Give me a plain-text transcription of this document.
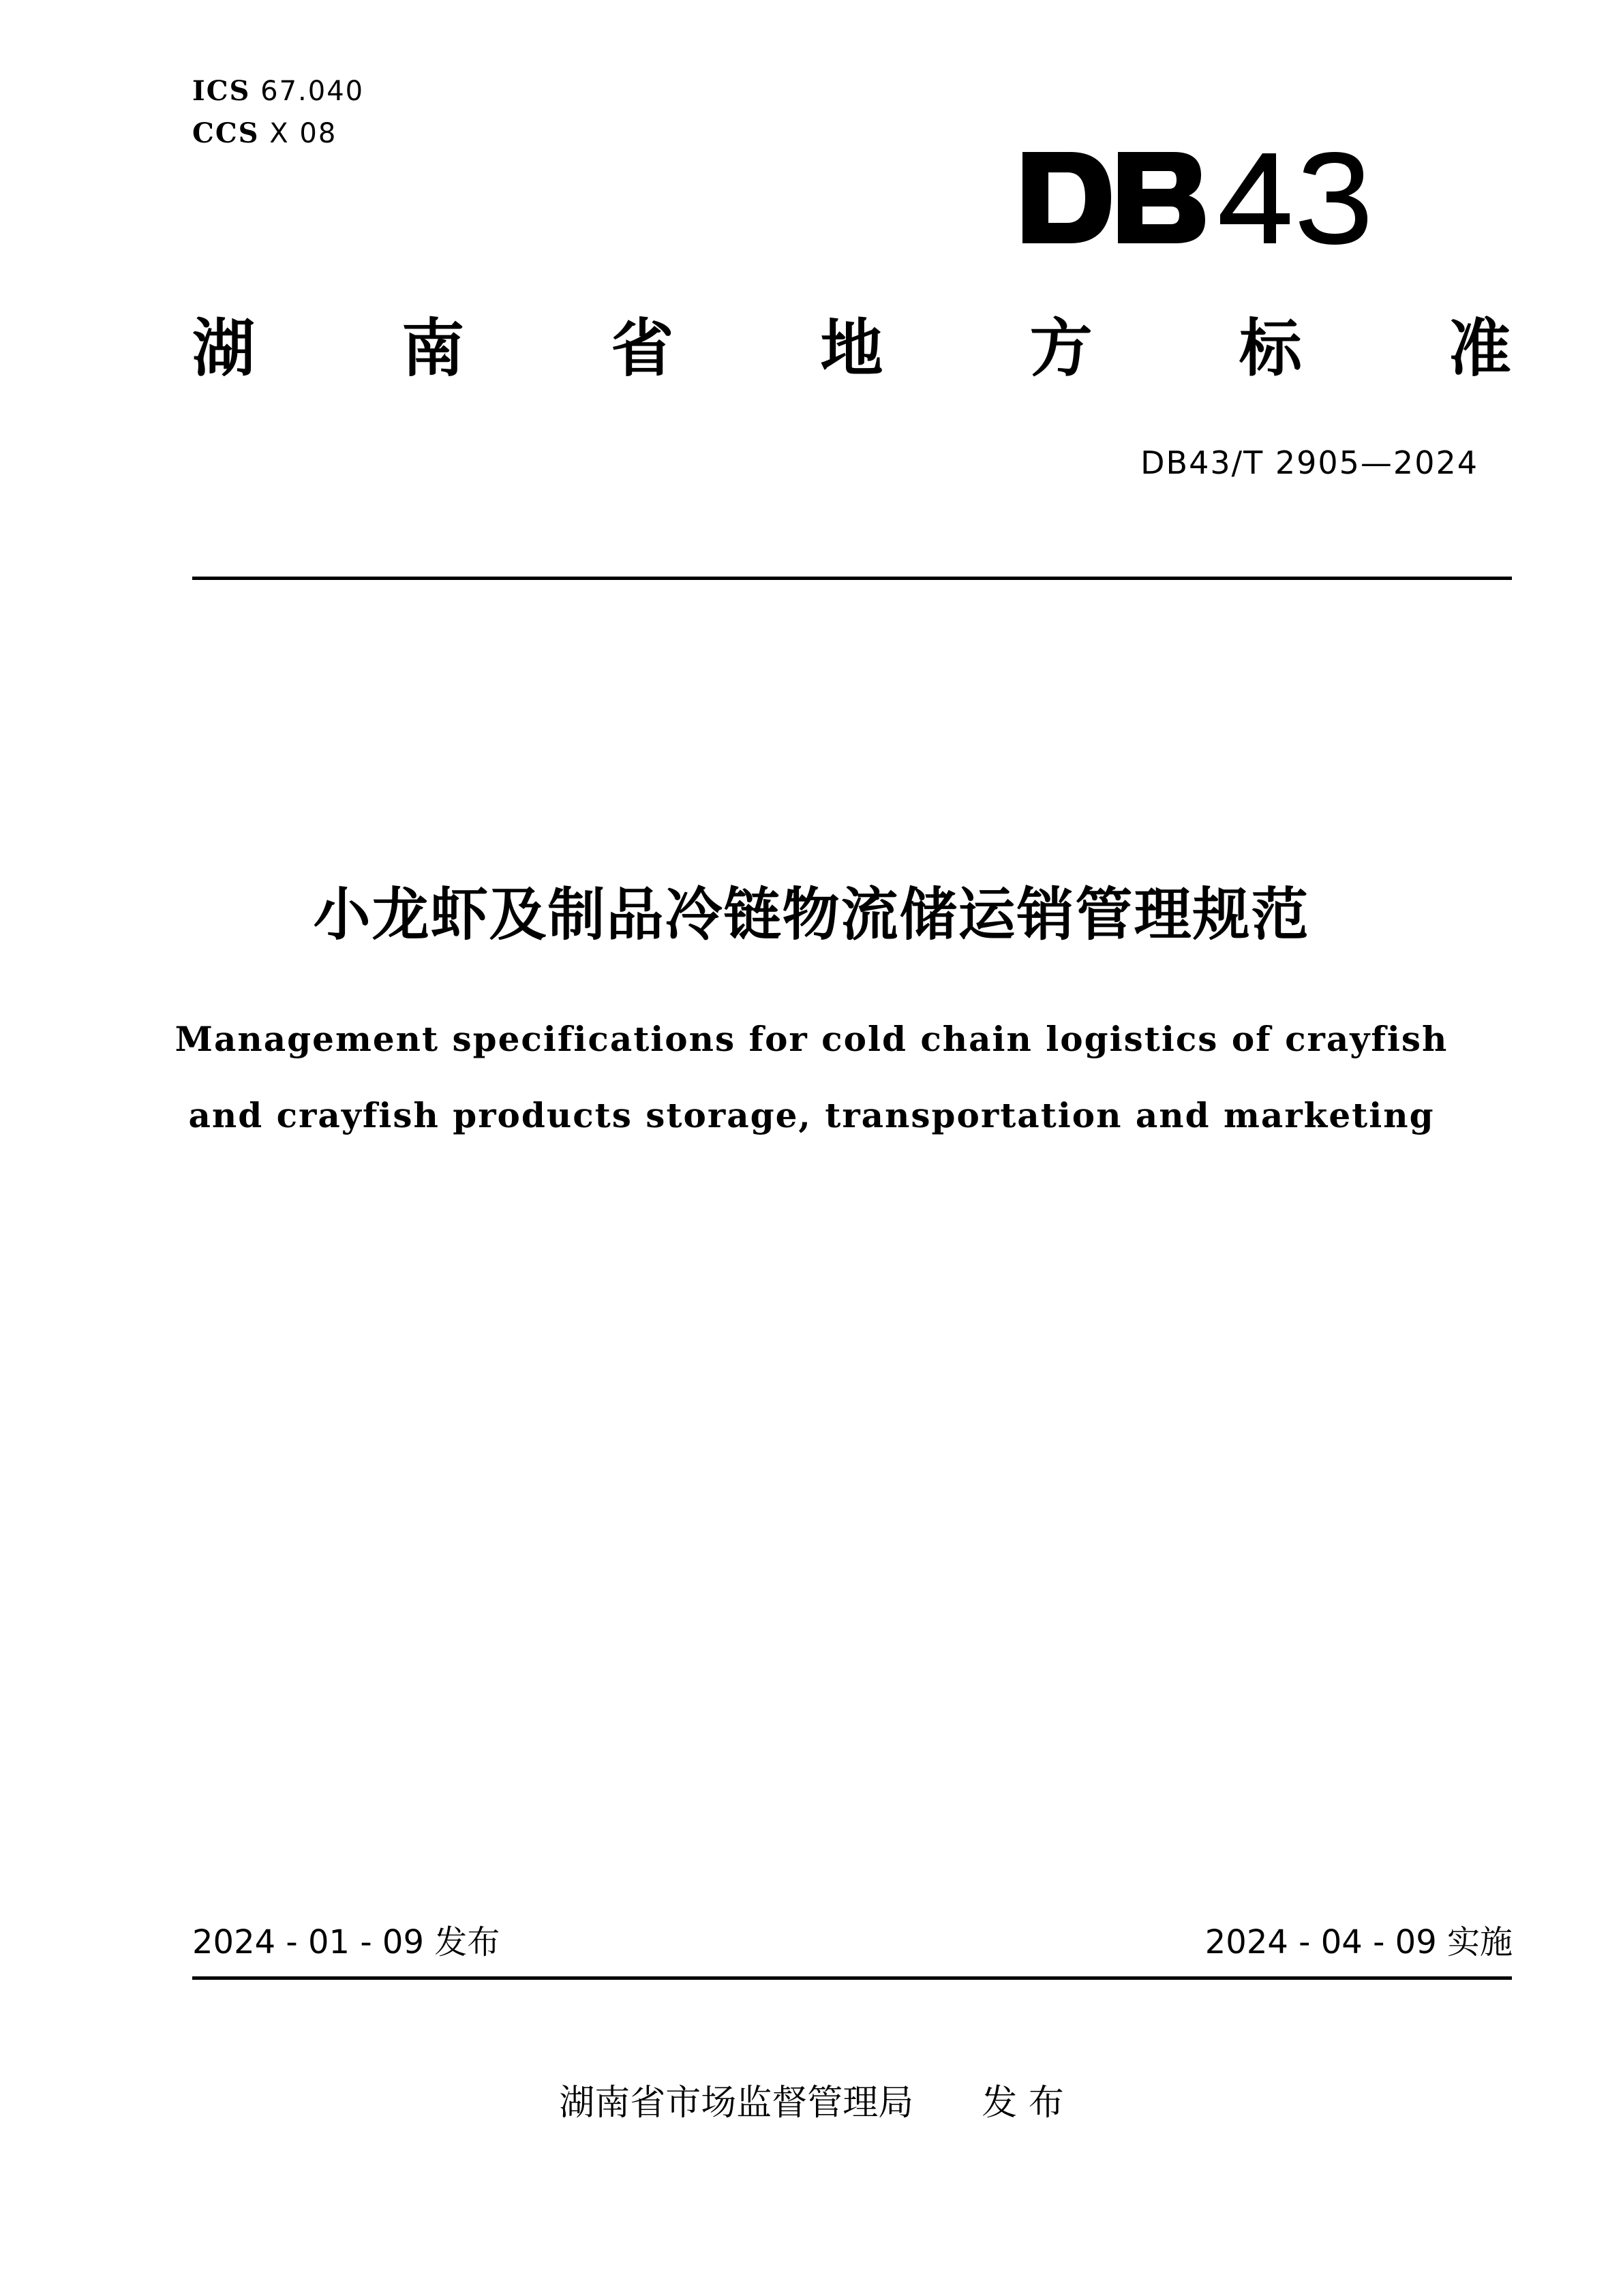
ICS 67.040
CCS X 08
湖 南 省 地 方 标 准
DB43/T 2905—2024
小龙虾及制品冷链物流储运销管理规范
Management specifications for cold chain logistics of crayfish
and crayfish products storage, transportation and marketing
2024 - 01 - 09 发布	2024 - 04 - 09 实施
湖南省市场监督管理局 发 布
